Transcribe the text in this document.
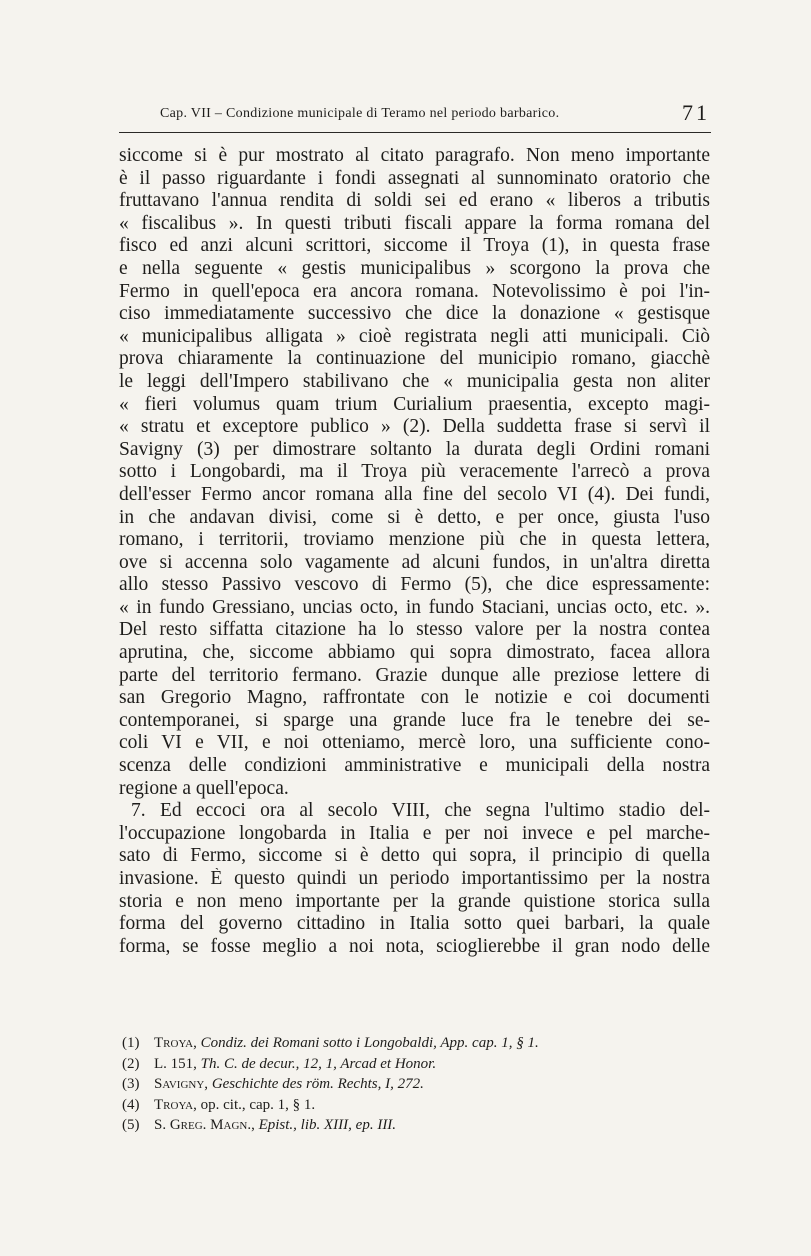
Cap. VII – Condizione municipale di Teramo nel periodo barbarico.	71
siccome si è pur mostrato al citato paragrafo. Non meno importante
è il passo riguardante i fondi assegnati al sunnominato oratorio che
fruttavano l'annua rendita di soldi sei ed erano « liberos a tributis
« fiscalibus ». In questi tributi fiscali appare la forma romana del
fisco ed anzi alcuni scrittori, siccome il Troya (1), in questa frase
e nella seguente « gestis municipalibus » scorgono la prova che
Fermo in quell'epoca era ancora romana. Notevolissimo è poi l'in-
ciso immediatamente successivo che dice la donazione « gestisque
« municipalibus alligata » cioè registrata negli atti municipali. Ciò
prova chiaramente la continuazione del municipio romano, giacchè
le leggi dell'Impero stabilivano che « municipalia gesta non aliter
« fieri volumus quam trium Curialium praesentia, excepto magi-
« stratu et exceptore publico » (2). Della suddetta frase si servì il
Savigny (3) per dimostrare soltanto la durata degli Ordini romani
sotto i Longobardi, ma il Troya più veracemente l'arrecò a prova
dell'esser Fermo ancor romana alla fine del secolo VI (4). Dei fundi,
in che andavan divisi, come si è detto, e per once, giusta l'uso
romano, i territorii, troviamo menzione più che in questa lettera,
ove si accenna solo vagamente ad alcuni fundos, in un'altra diretta
allo stesso Passivo vescovo di Fermo (5), che dice espressamente:
« in fundo Gressiano, uncias octo, in fundo Staciani, uncias octo, etc. ».
Del resto siffatta citazione ha lo stesso valore per la nostra contea
aprutina, che, siccome abbiamo qui sopra dimostrato, facea allora
parte del territorio fermano. Grazie dunque alle preziose lettere di
san Gregorio Magno, raffrontate con le notizie e coi documenti
contemporanei, si sparge una grande luce fra le tenebre dei se-
coli VI e VII, e noi otteniamo, mercè loro, una sufficiente cono-
scenza delle condizioni amministrative e municipali della nostra
regione a quell'epoca.
7. Ed eccoci ora al secolo VIII, che segna l'ultimo stadio del-
l'occupazione longobarda in Italia e per noi invece e pel marche-
sato di Fermo, siccome si è detto qui sopra, il principio di quella
invasione. È questo quindi un periodo importantissimo per la nostra
storia e non meno importante per la grande quistione storica sulla
forma del governo cittadino in Italia sotto quei barbari, la quale
forma, se fosse meglio a noi nota, scioglierebbe il gran nodo delle
(1) Troya, Condiz. dei Romani sotto i Longobaldi, App. cap. 1, § 1.
(2) L. 151, Th. C. de decur., 12, 1, Arcad et Honor.
(3) Savigny, Geschichte des röm. Rechts, I, 272.
(4) Troya, op. cit., cap. 1, § 1.
(5) S. Greg. Magn., Epist., lib. XIII, ep. III.
